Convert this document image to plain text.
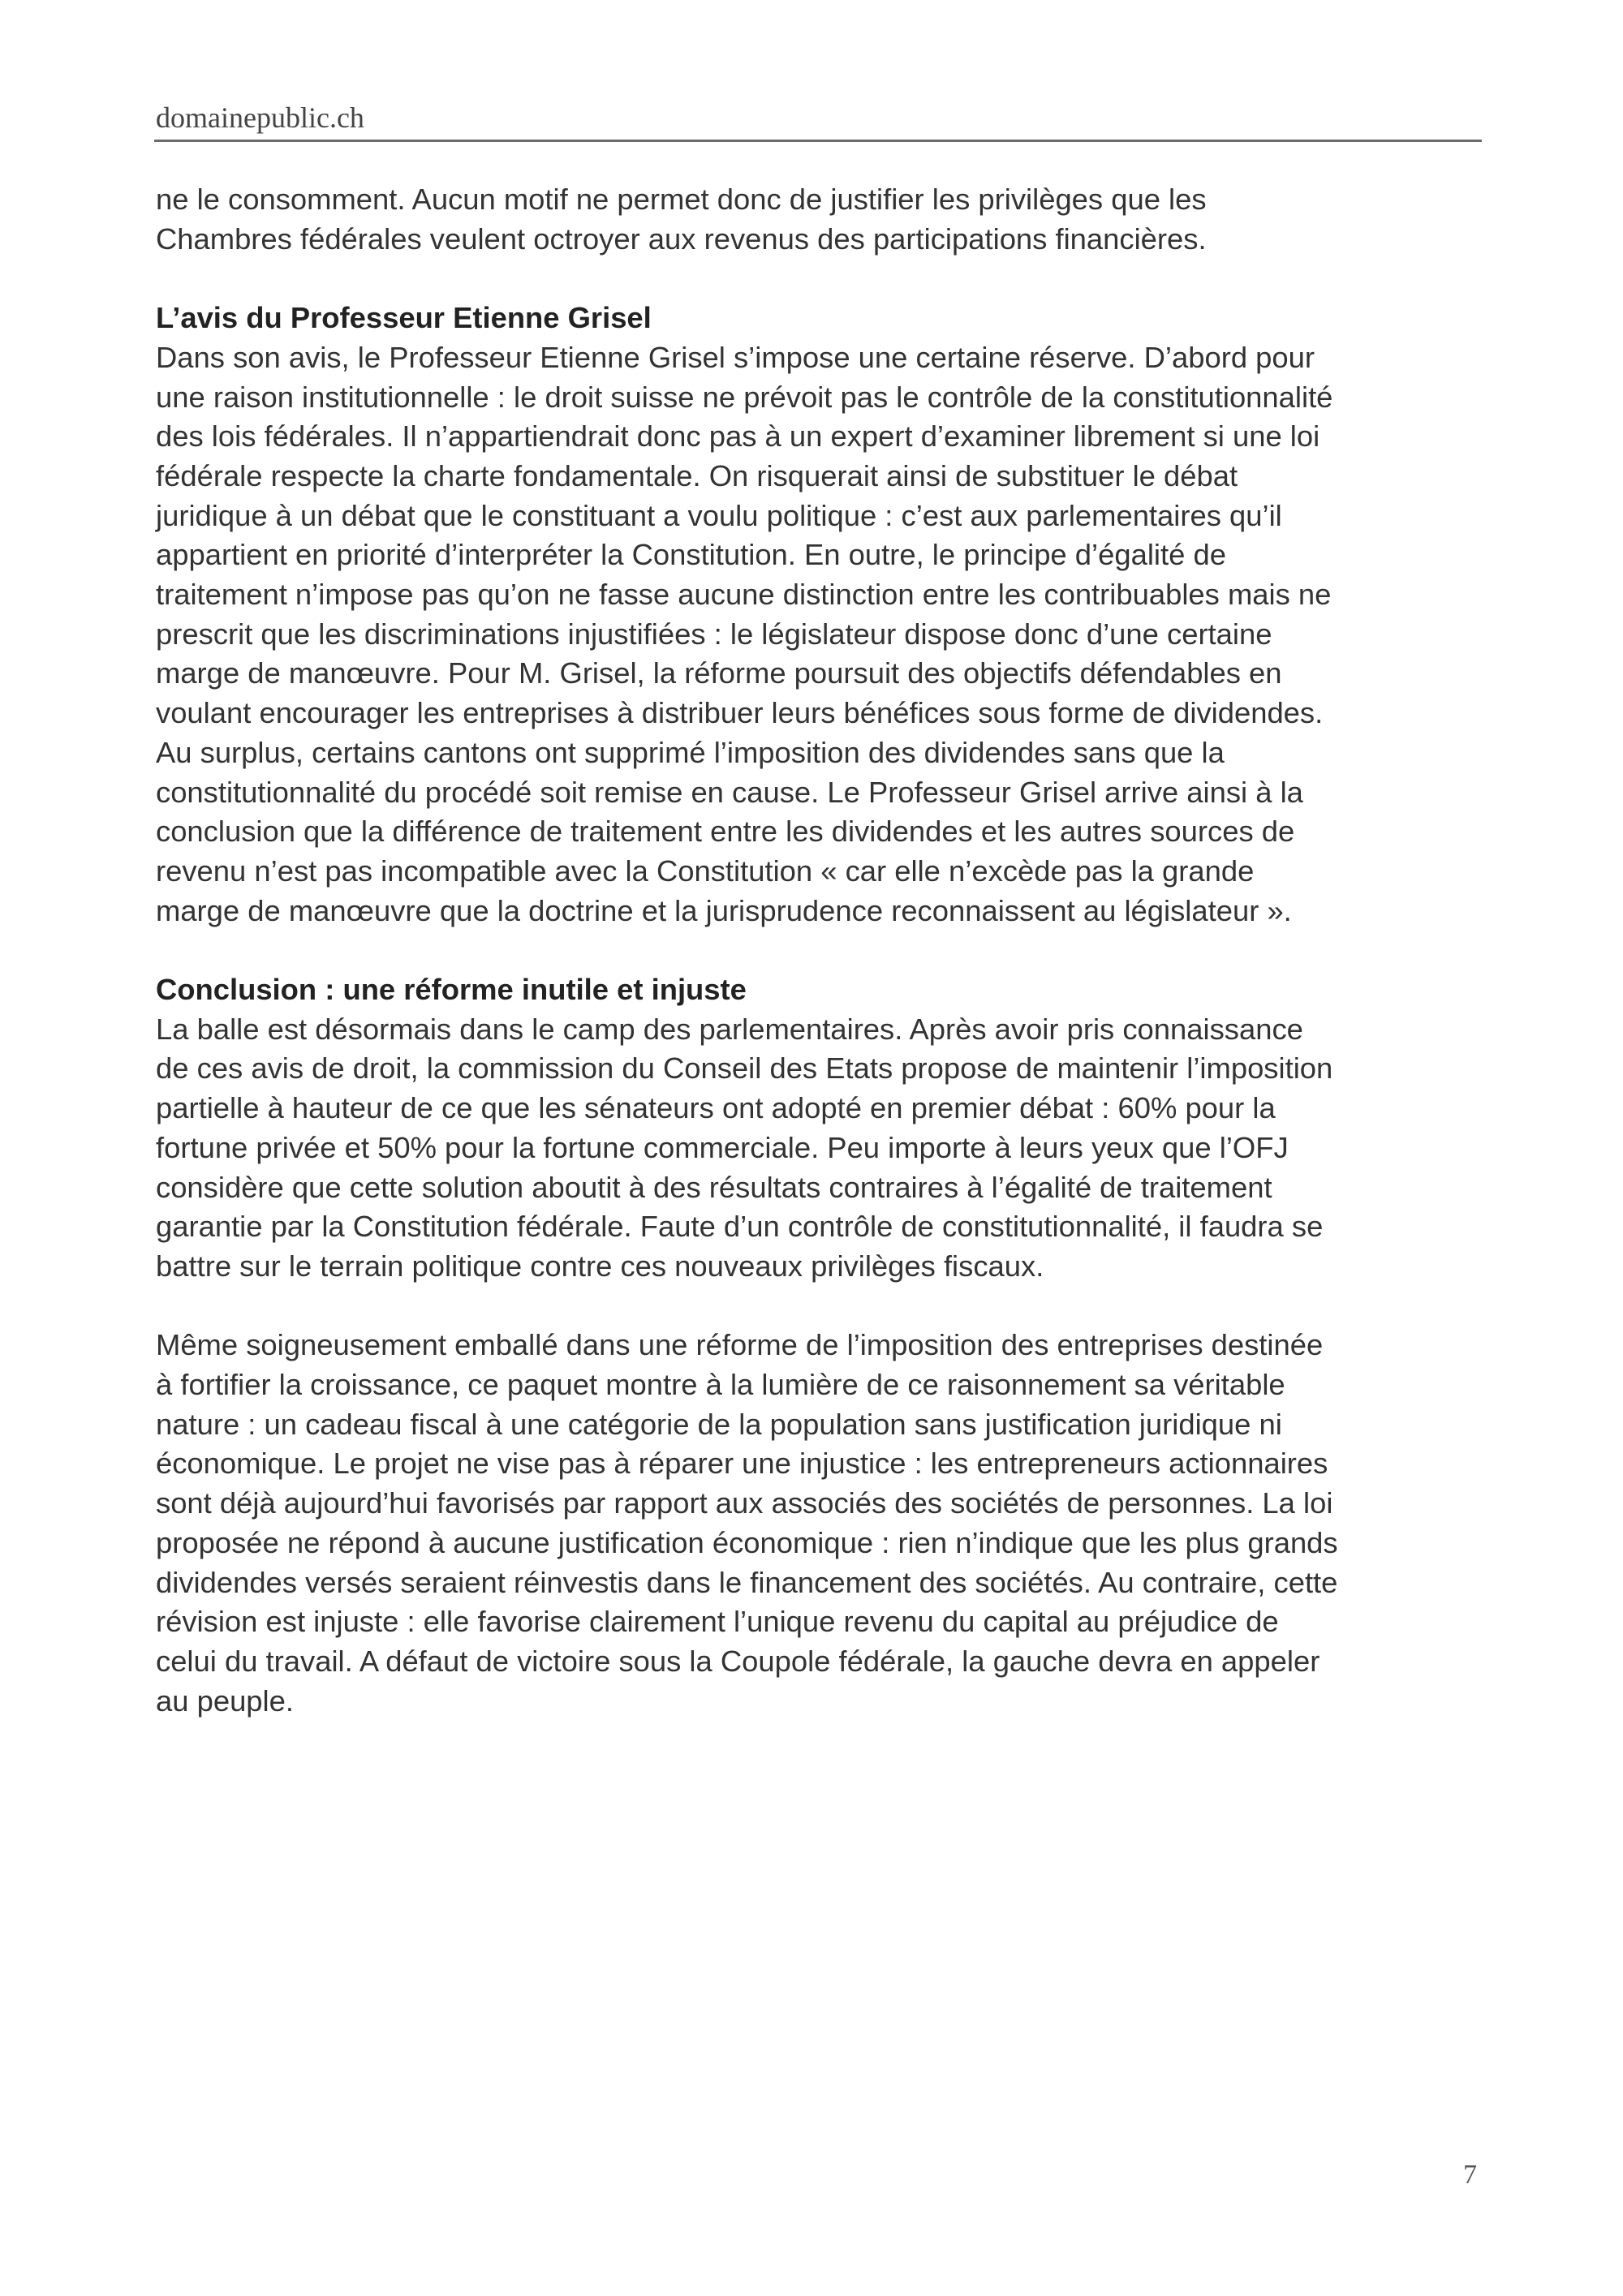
domainepublic.ch

ne le consomment. Aucun motif ne permet donc de justifier les privilèges que les
Chambres fédérales veulent octroyer aux revenus des participations financières.

L’avis du Professeur Etienne Grisel

Dans son avis, le Professeur Etienne Grisel s’impose une certaine réserve. D’abord pour
une raison institutionnelle : le droit suisse ne prévoit pas le contrôle de la constitutionnalité
des lois fédérales. Il n’appartiendrait donc pas à un expert d’examiner librement si une loi
fédérale respecte la charte fondamentale. On risquerait ainsi de substituer le débat
juridique à un débat que le constituant a voulu politique : c’est aux parlementaires qu’il
appartient en priorité d’interpréter la Constitution. En outre, le principe d’égalité de
traitement n’impose pas qu’on ne fasse aucune distinction entre les contribuables mais ne
prescrit que les discriminations injustifiées : le législateur dispose donc d’une certaine
marge de manœuvre. Pour M. Grisel, la réforme poursuit des objectifs défendables en
voulant encourager les entreprises à distribuer leurs bénéfices sous forme de dividendes.
Au surplus, certains cantons ont supprimé l’imposition des dividendes sans que la
constitutionnalité du procédé soit remise en cause. Le Professeur Grisel arrive ainsi à la
conclusion que la différence de traitement entre les dividendes et les autres sources de
revenu n’est pas incompatible avec la Constitution « car elle n’excède pas la grande
marge de manœuvre que la doctrine et la jurisprudence reconnaissent au législateur ».

Conclusion : une réforme inutile et injuste

La balle est désormais dans le camp des parlementaires. Après avoir pris connaissance
de ces avis de droit, la commission du Conseil des Etats propose de maintenir l’imposition
partielle à hauteur de ce que les sénateurs ont adopté en premier débat : 60% pour la
fortune privée et 50% pour la fortune commerciale. Peu importe à leurs yeux que l’OFJ
considère que cette solution aboutit à des résultats contraires à l’égalité de traitement
garantie par la Constitution fédérale. Faute d’un contrôle de constitutionnalité, il faudra se
battre sur le terrain politique contre ces nouveaux privilèges fiscaux.

Même soigneusement emballé dans une réforme de l’imposition des entreprises destinée
à fortifier la croissance, ce paquet montre à la lumière de ce raisonnement sa véritable
nature : un cadeau fiscal à une catégorie de la population sans justification juridique ni
économique. Le projet ne vise pas à réparer une injustice : les entrepreneurs actionnaires
sont déjà aujourd’hui favorisés par rapport aux associés des sociétés de personnes. La loi
proposée ne répond à aucune justification économique : rien n’indique que les plus grands
dividendes versés seraient réinvestis dans le financement des sociétés. Au contraire, cette
révision est injuste : elle favorise clairement l’unique revenu du capital au préjudice de
celui du travail. A défaut de victoire sous la Coupole fédérale, la gauche devra en appeler
au peuple.

7
